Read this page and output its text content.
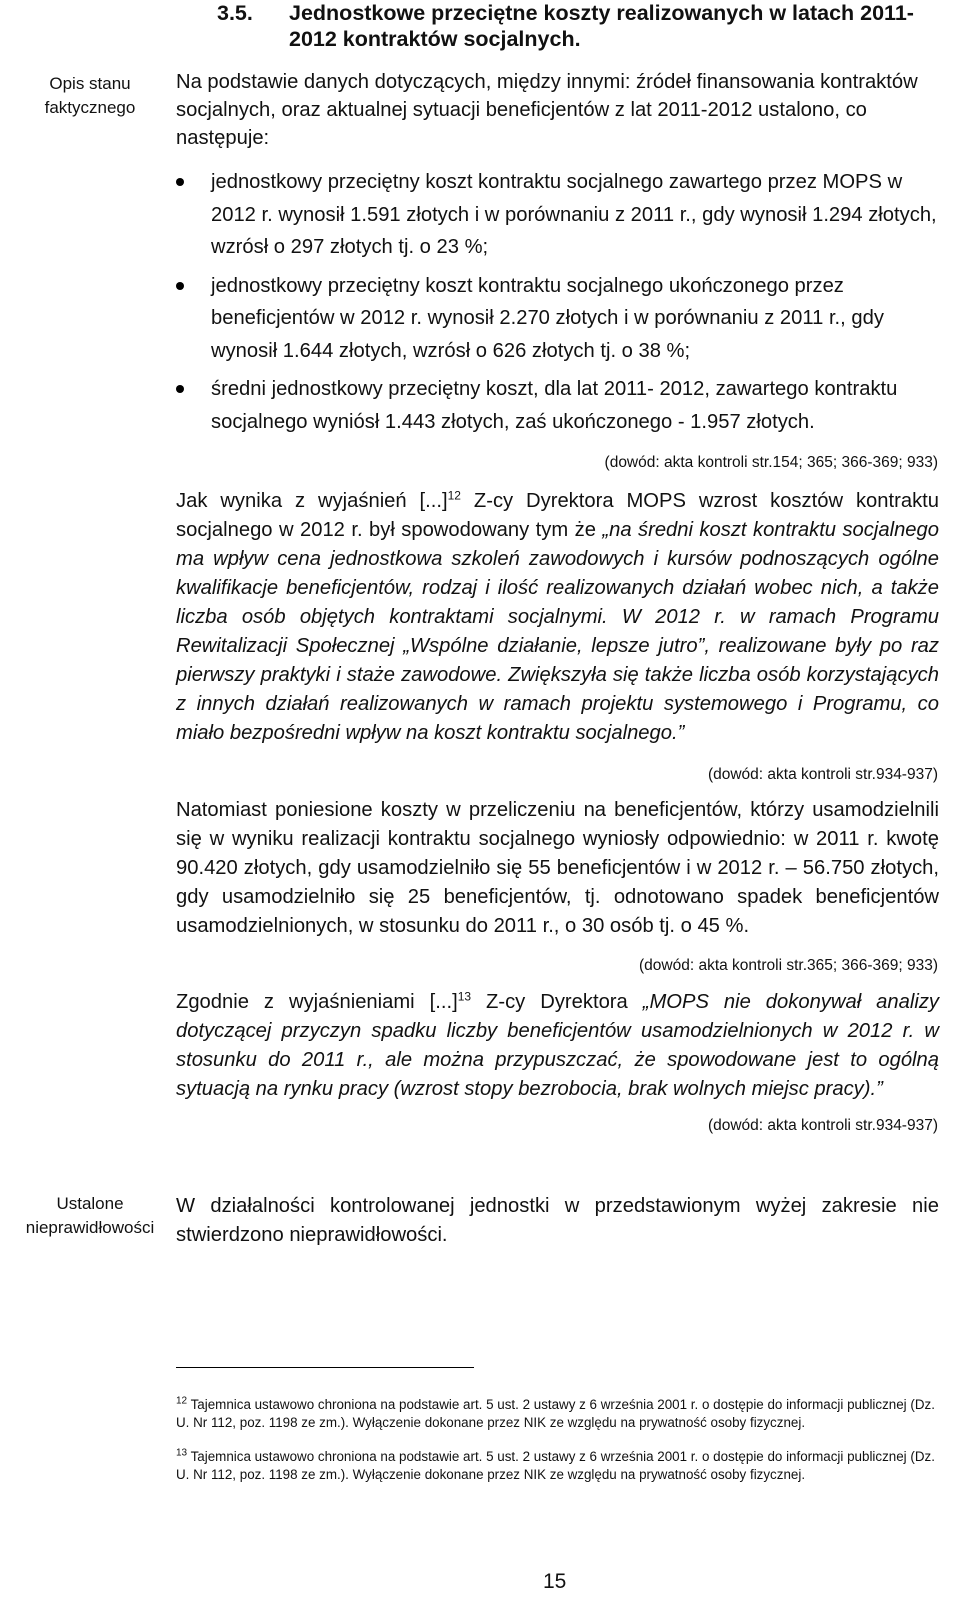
3.5. Jednostkowe przeciętne koszty realizowanych w latach 2011-2012 kontraktów socjalnych.
Opis stanu faktycznego
Ustalone nieprawidłowości
Na podstawie danych dotyczących, między innymi: źródeł finansowania kontraktów socjalnych, oraz aktualnej sytuacji beneficjentów z lat 2011-2012 ustalono, co następuje:
jednostkowy przeciętny koszt kontraktu socjalnego zawartego przez MOPS w 2012 r. wynosił 1.591 złotych i w porównaniu z 2011 r., gdy wynosił 1.294 złotych, wzrósł o 297 złotych tj. o 23 %;
jednostkowy przeciętny koszt kontraktu socjalnego ukończonego przez beneficjentów w 2012 r. wynosił 2.270 złotych i w porównaniu z 2011 r., gdy wynosił 1.644 złotych, wzrósł o 626 złotych tj. o 38 %;
średni jednostkowy przeciętny koszt, dla lat 2011- 2012, zawartego kontraktu socjalnego wyniósł 1.443 złotych, zaś ukończonego - 1.957 złotych.
(dowód: akta kontroli str.154; 365; 366-369; 933)
Jak wynika z wyjaśnień [...]$^{12}$ Z-cy Dyrektora MOPS wzrost kosztów kontraktu socjalnego w 2012 r. był spowodowany tym że „na średni koszt kontraktu socjalnego ma wpływ cena jednostkowa szkoleń zawodowych i kursów podnoszących ogólne kwalifikacje beneficjentów, rodzaj i ilość realizowanych działań wobec nich, a także liczba osób objętych kontraktami socjalnymi. W 2012 r. w ramach Programu Rewitalizacji Społecznej „Wspólne działanie, lepsze jutro”, realizowane były po raz pierwszy praktyki i staże zawodowe. Zwiększyła się także liczba osób korzystających z innych działań realizowanych w ramach projektu systemowego i Programu, co miało bezpośredni wpływ na koszt kontraktu socjalnego.”
(dowód: akta kontroli str.934-937)
Natomiast poniesione koszty w przeliczeniu na beneficjentów, którzy usamodzielnili się w wyniku realizacji kontraktu socjalnego wyniosły odpowiednio: w 2011 r. kwotę 90.420 złotych, gdy usamodzielniło się 55 beneficjentów i w 2012 r. – 56.750 złotych, gdy usamodzielniło się 25 beneficjentów, tj. odnotowano spadek beneficjentów usamodzielnionych, w stosunku do 2011 r., o 30 osób tj. o 45 %.
(dowód: akta kontroli str.365; 366-369; 933)
Zgodnie z wyjaśnieniami [...]$^{13}$ Z-cy Dyrektora „MOPS nie dokonywał analizy dotyczącej przyczyn spadku liczby beneficjentów usamodzielnionych w 2012 r. w stosunku do 2011 r., ale można przypuszczać, że spowodowane jest to ogólną sytuacją na rynku pracy (wzrost stopy bezrobocia, brak wolnych miejsc pracy).”
(dowód: akta kontroli str.934-937)
W działalności kontrolowanej jednostki w przedstawionym wyżej zakresie nie stwierdzono nieprawidłowości.
$^{12}$ Tajemnica ustawowo chroniona na podstawie art. 5 ust. 2 ustawy z 6 września 2001 r. o dostępie do informacji publicznej (Dz. U. Nr 112, poz. 1198 ze zm.). Wyłączenie dokonane przez NIK ze względu na prywatność osoby fizycznej.
$^{13}$ Tajemnica ustawowo chroniona na podstawie art. 5 ust. 2 ustawy z 6 września 2001 r. o dostępie do informacji publicznej (Dz. U. Nr 112, poz. 1198 ze zm.). Wyłączenie dokonane przez NIK ze względu na prywatność osoby fizycznej.
15
